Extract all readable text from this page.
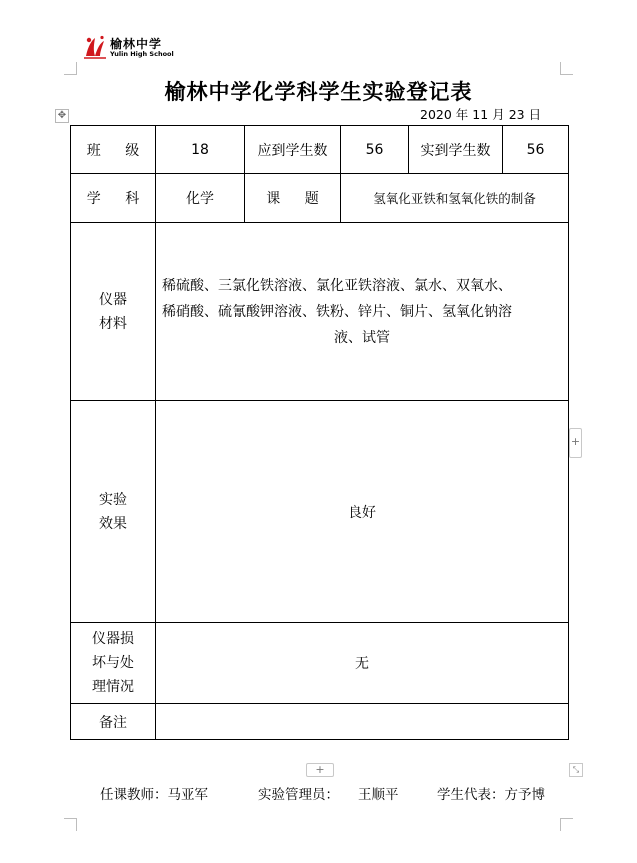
榆林中学
Yulin High School
✥
榆林中学化学科学生实验登记表
2020 年 11 月 23 日
班 级	18	应到学生数	56	实到学生数	56
学 科	化学	课 题	氢氧化亚铁和氢氧化铁的制备		

仪器
材料	稀硫酸、三氯化铁溶液、氯化亚铁溶液、氯水、双氧水、
稀硝酸、硫氰酸钾溶液、铁粉、锌片、铜片、氢氧化钠溶
液、试管				

实验
效果	良好				

仪器损
坏与处
理情况	无				
备注					
+
+	⤡

任课教师：马亚军

	实验管理员：

王顺平

	学生代表：方予博
